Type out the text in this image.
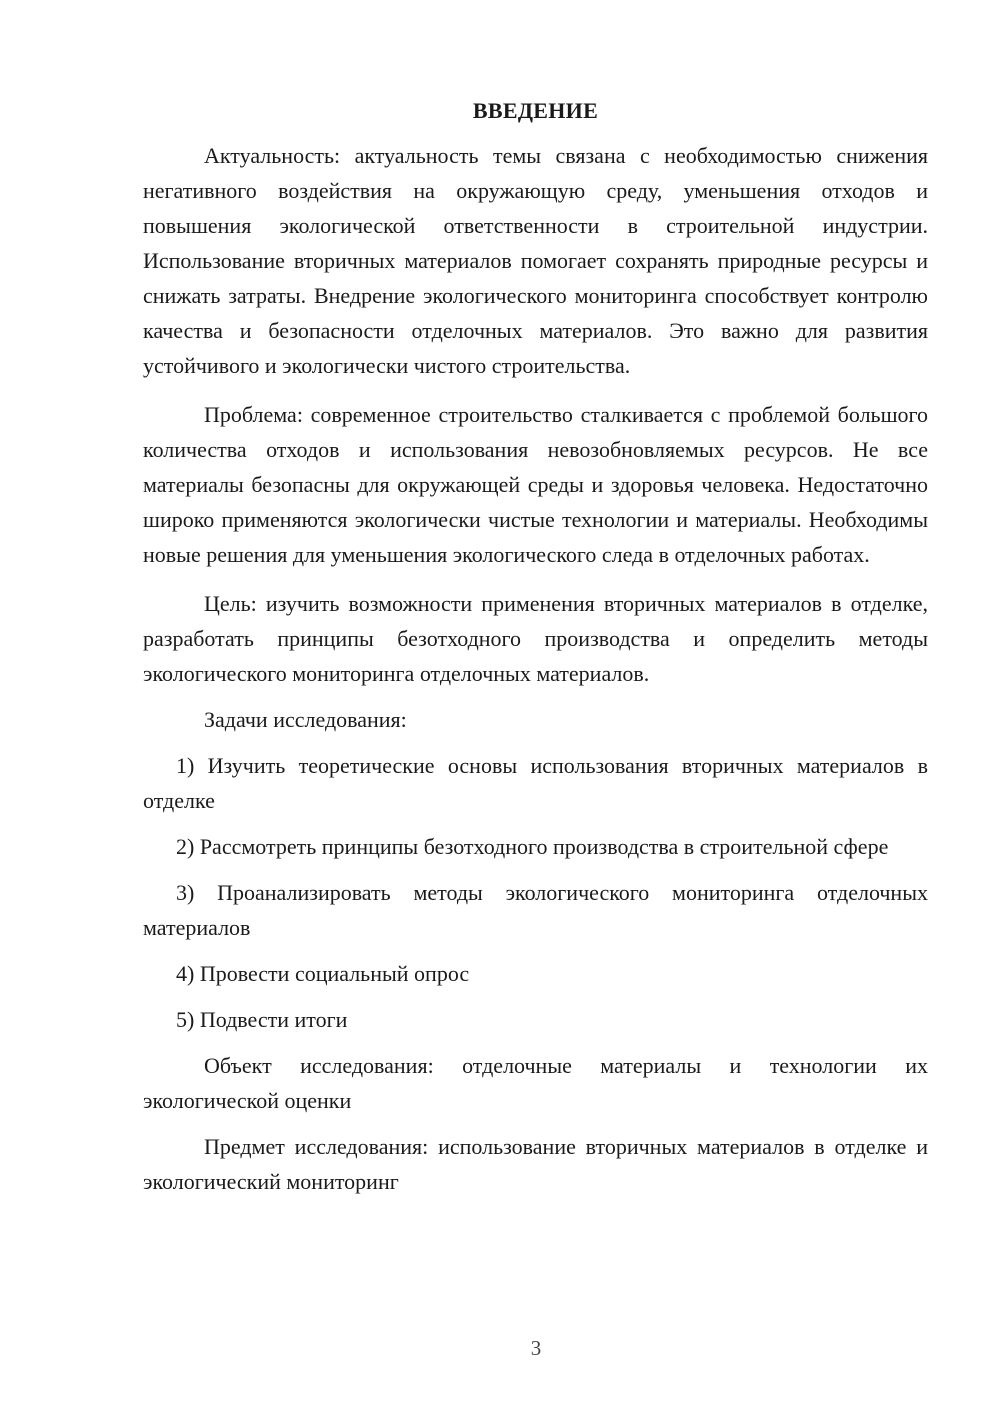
ВВЕДЕНИЕ

Актуальность: актуальность темы связана с необходимостью снижения негативного воздействия на окружающую среду, уменьшения отходов и повышения экологической ответственности в строительной индустрии. Использование вторичных материалов помогает сохранять природные ресурсы и снижать затраты. Внедрение экологического мониторинга способствует контролю качества и безопасности отделочных материалов. Это важно для развития устойчивого и экологически чистого строительства.

Проблема: современное строительство сталкивается с проблемой большого количества отходов и использования невозобновляемых ресурсов. Не все материалы безопасны для окружающей среды и здоровья человека. Недостаточно широко применяются экологически чистые технологии и материалы. Необходимы новые решения для уменьшения экологического следа в отделочных работах.

Цель: изучить возможности применения вторичных материалов в отделке, разработать принципы безотходного производства и определить методы экологического мониторинга отделочных материалов.

Задачи исследования:

1) Изучить теоретические основы использования вторичных материалов в отделке

2) Рассмотреть принципы безотходного производства в строительной сфере

3) Проанализировать методы экологического мониторинга отделочных материалов

4) Провести социальный опрос

5) Подвести итоги

Объект исследования: отделочные материалы и технологии их экологической оценки

Предмет исследования: использование вторичных материалов в отделке и экологический мониторинг

3
